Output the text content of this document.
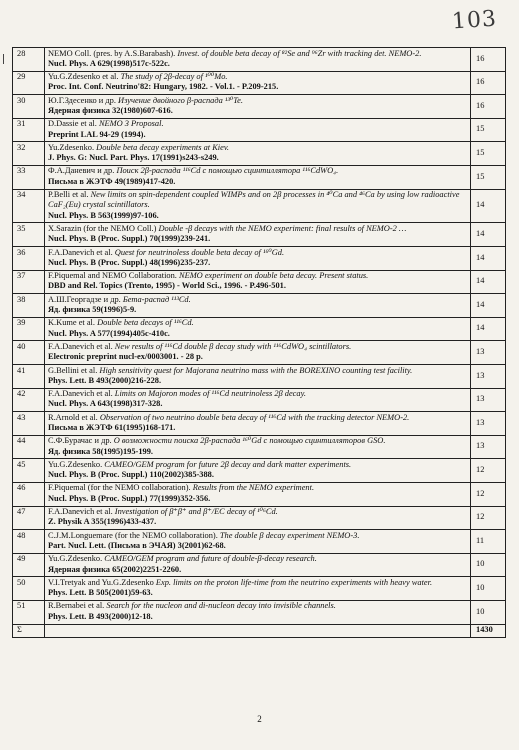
103
28	NEMO Coll. (pres. by A.S.Barabash). Invest. of double beta decay of ⁸²Se and ⁹⁶Zr with tracking det. NEMO-2.
Nucl. Phys. A 629(1998)517c-522c.	16
29	Yu.G.Zdesenko et al. The study of 2β-decay of ¹⁰⁰Mo.
Proc. Int. Conf. Neutrino'82: Hungary, 1982. - Vol.1. - P.209-215.	16
30	Ю.Г.Здесенко и др. Изучение двойного β-распада ¹³⁰Te.
Ядерная физика 32(1980)607-616.	16
31	D.Dassie et al. NEMO 3 Proposal.
Preprint LAL 94-29 (1994).	15
32	Yu.Zdesenko. Double beta decay experiments at Kiev.
J. Phys. G: Nucl. Part. Phys. 17(1991)s243-s249.	15
33	Ф.А.Даневич и др. Поиск 2β-распада ¹¹⁶Cd с помощью сцинтиллятора ¹¹⁶CdWO₄.
Письма в ЖЭТФ 49(1989)417-420.	15
34	P.Belli et al. New limits on spin-dependent coupled WIMPs and on 2β processes in ⁴⁰Ca and ⁴⁶Ca by using low radioactive CaF₂(Eu) crystal scintillators.
Nucl. Phys. B 563(1999)97-106.	14
35	X.Sarazin (for the NEMO Coll.) Double -β decays with the NEMO experiment: final results of NEMO-2 …
Nucl. Phys. B (Proc. Suppl.) 70(1999)239-241.	14
36	F.A.Danevich et al. Quest for neutrinoless double beta decay of ¹⁶⁰Gd.
Nucl. Phys. B (Proc. Suppl.) 48(1996)235-237.	14
37	F.Piquemal and NEMO Collaboration. NEMO experiment on double beta decay. Present status.
DBD and Rel. Topics (Trento, 1995) - World Sci., 1996. - P.496-501.	14
38	А.Ш.Георгадзе и др. Бета-распад ¹¹³Cd.
Яд. физика 59(1996)5-9.	14
39	K.Kume et al. Double beta decays of ¹¹⁶Cd.
Nucl. Phys. A 577(1994)405c-410c.	14
40	F.A.Danevich et al. New results of ¹¹⁶Cd double β decay study with ¹¹⁶CdWO₄ scintillators.
Electronic preprint nucl-ex/0003001. - 28 p.	13
41	G.Bellini et al. High sensitivity quest for Majorana neutrino mass with the BOREXINO counting test facility.
Phys. Lett. B 493(2000)216-228.	13
42	F.A.Danevich et al. Limits on Majoron modes of ¹¹⁶Cd neutrinoless 2β decay.
Nucl. Phys. A 643(1998)317-328.	13
43	R.Arnold et al. Observation of two neutrino double beta decay of ¹¹⁶Cd with the tracking detector NEMO-2.
Письма в ЖЭТФ 61(1995)168-171.	13
44	С.Ф.Бурачас и др. О возможности поиска 2β-распада ¹⁶⁰Gd с помощью сцинтилляторов GSO.
Яд. физика 58(1995)195-199.	13
45	Yu.G.Zdesenko. CAMEO/GEM program for future 2β decay and dark matter experiments.
Nucl. Phys. B (Proc. Suppl.) 110(2002)385-388.	12
46	F.Piquemal (for the NEMO collaboration). Results from the NEMO experiment.
Nucl. Phys. B (Proc. Suppl.) 77(1999)352-356.	12
47	F.A.Danevich et al. Investigation of β⁺β⁺ and β⁺/EC decay of ¹⁰⁶Cd.
Z. Physik A 355(1996)433-437.	12
48	C.J.M.Longuemare (for the NEMO collaboration). The double β decay experiment NEMO-3.
Part. Nucl. Lett. (Письма в ЭЧАЯ) 3(2001)62-68.	11
49	Yu.G.Zdesenko. CAMEO/GEM program and future of double-β-decay research.
Ядерная физика 65(2002)2251-2260.	10
50	V.I.Tretyak and Yu.G.Zdesenko Exp. limits on the proton life-time from the neutrino experiments with heavy water.
Phys. Lett. B 505(2001)59-63.	10
51	R.Bernabei et al. Search for the nucleon and di-nucleon decay into invisible channels.
Phys. Lett. B 493(2000)12-18.	10
Σ		1430
2
